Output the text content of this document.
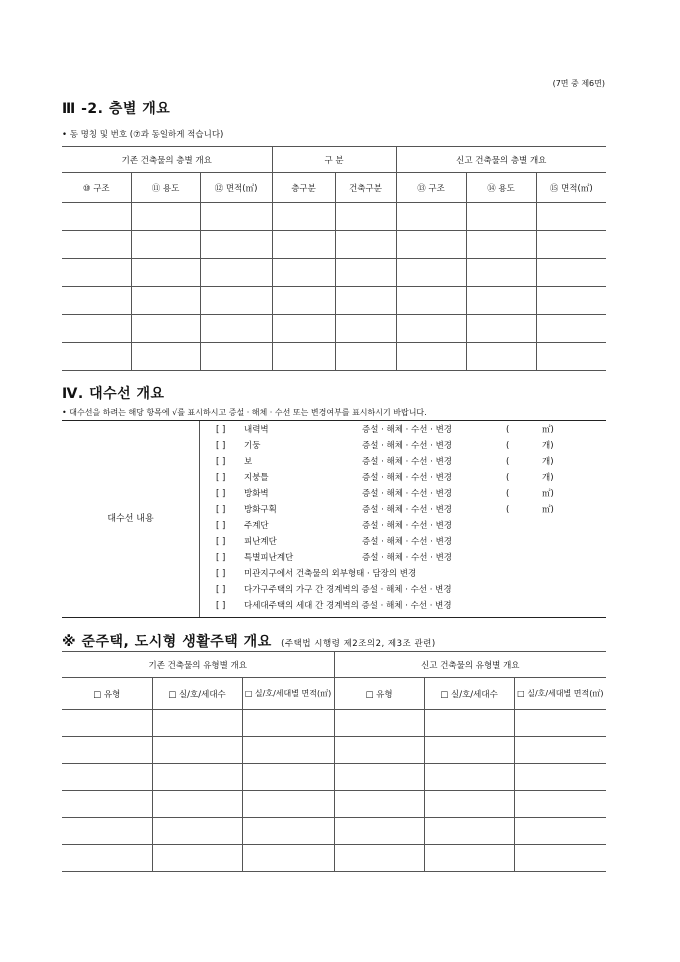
(7면 중 제6면)
Ⅲ -2. 층별 개요
• 동 명칭 및 번호 (⑦과 동일하게 적습니다)
기존 건축물의 층별 개요			구 분		신고 건축물의 층별 개요		
⑩ 구조	⑪ 용도	⑫ 면적(㎡)	층구분	건축구분	⑬ 구조	⑭ 용도	⑮ 면적(㎡)

Ⅳ. 대수선 개요
• 대수선을 하려는 해당 항목에 √를 표시하시고 증설 · 해체 · 수선 또는 변경여부를 표시하시기 바랍니다.
대수선 내용
[ ] 내력벽	증설 · 해체 · 수선 · 변경	(	㎡)
[ ] 기둥	증설 · 해체 · 수선 · 변경	(	개)
[ ] 보	증설 · 해체 · 수선 · 변경	(	개)
[ ] 지붕틀	증설 · 해체 · 수선 · 변경	(	개)
[ ] 방화벽	증설 · 해체 · 수선 · 변경	(	㎡)
[ ] 방화구획	증설 · 해체 · 수선 · 변경	(	㎡)
[ ] 주계단	증설 · 해체 · 수선 · 변경
[ ] 피난계단	증설 · 해체 · 수선 · 변경
[ ] 특별피난계단	증설 · 해체 · 수선 · 변경
[ ] 미관지구에서 건축물의 외부형태 · 담장의 변경
[ ] 다가구주택의 가구 간 경계벽의 증설 · 해체 · 수선 · 변경
[ ] 다세대주택의 세대 간 경계벽의 증설 · 해체 · 수선 · 변경
※ 준주택, 도시형 생활주택 개요 (주택법 시행령 제2조의2, 제3조 관련)
기존 건축물의 유형별 개요			신고 건축물의 유형별 개요		
□ 유형	□ 실/호/세대수	□ 실/호/세대별 면적(㎡)	□ 유형	□ 실/호/세대수	□ 실/호/세대별 면적(㎡)
